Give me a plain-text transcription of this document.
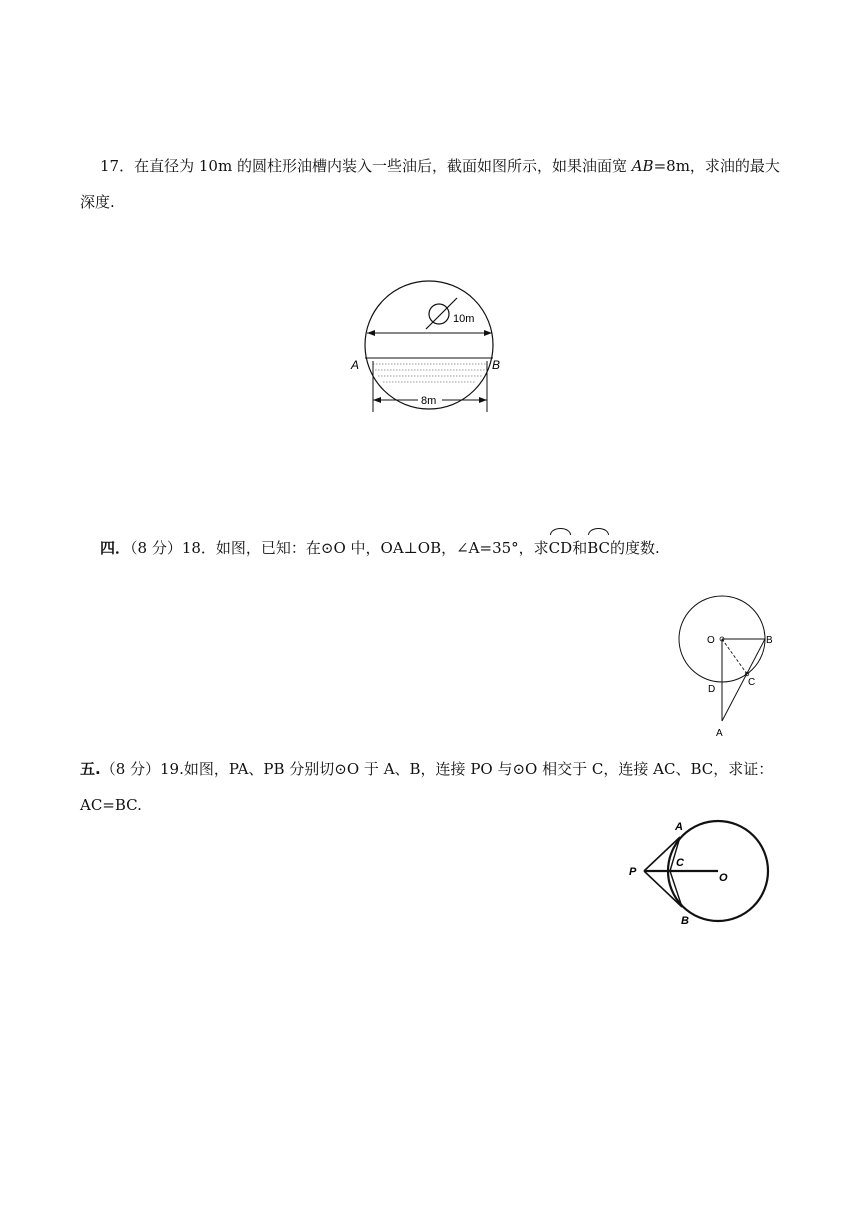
17．在直径为 10m 的圆柱形油槽内装入一些油后，截面如图所示，如果油面宽 AB=8m，求油的最大深度.
10m
A	B
8m
四．（8 分）18．如图，已知：在⊙O 中，OA⊥OB，∠A=35°，求CD和BC的度数.
O	B
C
D
A
五.（8 分）19.如图，PA、PB 分别切⊙O 于 A、B，连接 PO 与⊙O 相交于 C，连接 AC、BC，求证：AC=BC.
A
P
C
O
B
